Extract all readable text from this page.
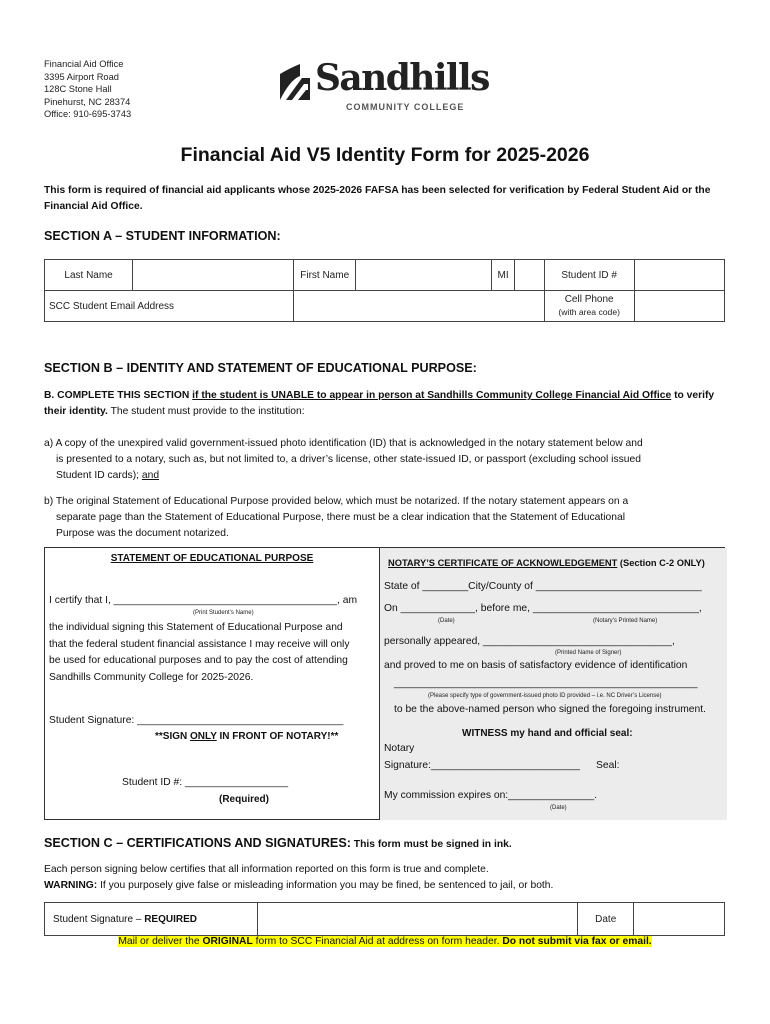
Financial Aid Office
3395 Airport Road
128C Stone Hall
Pinehurst, NC 28374
Office: 910-695-3743
Sandhills
COMMUNITY COLLEGE
Financial Aid V5 Identity Form for 2025-2026
This form is required of financial aid applicants whose 2025-2026 FAFSA has been selected for verification by Federal Student Aid or the Financial Aid Office.
SECTION A – STUDENT INFORMATION:
Last Name		First Name		MI		Student ID #	
SCC Student Email Address						Cell Phone
(with area code)	

SECTION B – IDENTITY AND STATEMENT OF EDUCATIONAL PURPOSE:
B. COMPLETE THIS SECTION if the student is UNABLE to appear in person at Sandhills Community College Financial Aid Office to verify their identity. The student must provide to the institution:
a) A copy of the unexpired valid government-issued photo identification (ID) that is acknowledged in the notary statement below and
is presented to a notary, such as, but not limited to, a driver’s license, other state-issued ID, or passport (excluding school issued
Student ID cards); and
b) The original Statement of Educational Purpose provided below, which must be notarized. If the notary statement appears on a
separate page than the Statement of Educational Purpose, there must be a clear indication that the Statement of Educational
Purpose was the document notarized.
STATEMENT OF EDUCATIONAL PURPOSE
I certify that I, _______________________________________, am
(Print Student’s Name)
the individual signing this Statement of Educational Purpose and
that the federal student financial assistance I may receive will only
be used for educational purposes and to pay the cost of attending
Sandhills Community College for 2025-2026.
Student Signature: ____________________________________
**SIGN ONLY IN FRONT OF NOTARY!**
Student ID #: __________________
(Required)
NOTARY’S CERTIFICATE OF ACKNOWLEDGEMENT (Section C-2 ONLY)
State of ________City/County of _____________________________
On _____________, before me, _____________________________,
(Date)	(Notary’s Printed Name)
personally appeared, _________________________________,
(Printed Name of Signer)
and proved to me on basis of satisfactory evidence of identification
_____________________________________________________
(Please specify type of government-issued photo ID provided – i.e. NC Driver’s License)
to be the above-named person who signed the foregoing instrument.
WITNESS my hand and official seal:
Notary
Signature:__________________________ Seal:
My commission expires on:_______________.
(Date)
SECTION C – CERTIFICATIONS AND SIGNATURES: This form must be signed in ink.
Each person signing below certifies that all information reported on this form is true and complete.
WARNING: If you purposely give false or misleading information you may be fined, be sentenced to jail, or both.
Student Signature – REQUIRED		Date	
Mail or deliver the ORIGINAL form to SCC Financial Aid at address on form header. Do not submit via fax or email.
